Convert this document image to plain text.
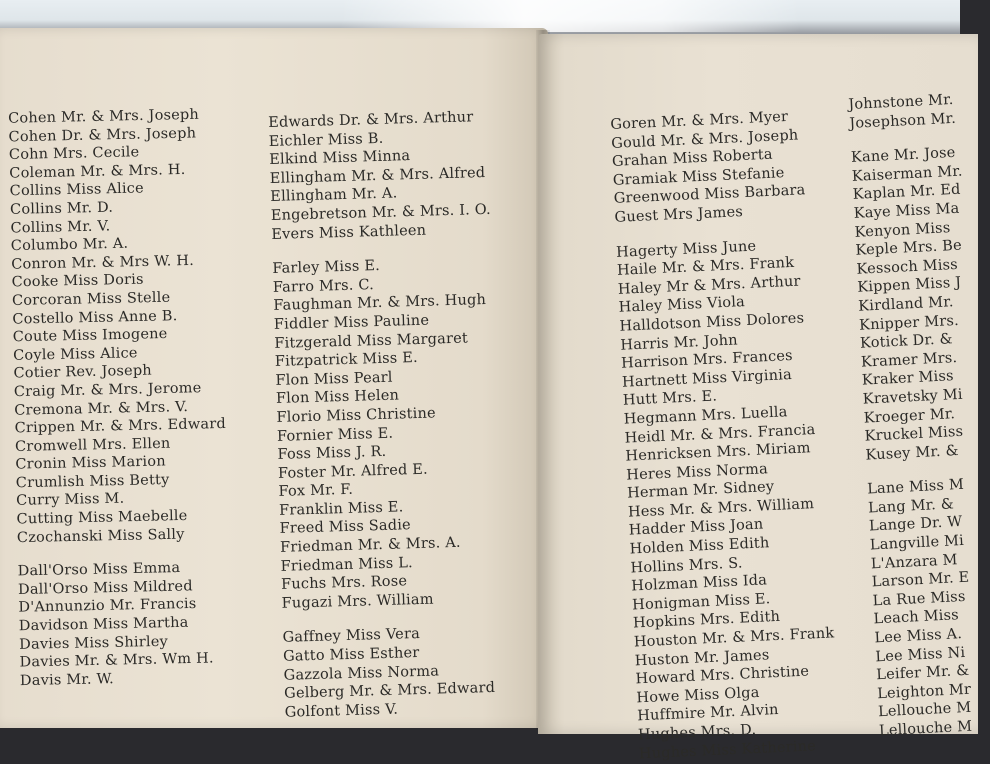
Cohen Mr. & Mrs. Joseph
Cohen Dr. & Mrs. Joseph
Cohn Mrs. Cecile
Coleman Mr. & Mrs. H.
Collins Miss Alice
Collins Mr. D.
Collins Mr. V.
Columbo Mr. A.
Conron Mr. & Mrs W. H.
Cooke Miss Doris
Corcoran Miss Stelle
Costello Miss Anne B.
Coute Miss Imogene
Coyle Miss Alice
Cotier Rev. Joseph
Craig Mr. & Mrs. Jerome
Cremona Mr. & Mrs. V.
Crippen Mr. & Mrs. Edward
Cromwell Mrs. Ellen
Cronin Miss Marion
Crumlish Miss Betty
Curry Miss M.
Cutting Miss Maebelle
Czochanski Miss Sally
Dall'Orso Miss Emma
Dall'Orso Miss Mildred
D'Annunzio Mr. Francis
Davidson Miss Martha
Davies Miss Shirley
Davies Mr. & Mrs. Wm H.
Davis Mr. W.
Edwards Dr. & Mrs. Arthur
Eichler Miss B.
Elkind Miss Minna
Ellingham Mr. & Mrs. Alfred
Ellingham Mr. A.
Engebretson Mr. & Mrs. I. O.
Evers Miss Kathleen
Farley Miss E.
Farro Mrs. C.
Faughman Mr. & Mrs. Hugh
Fiddler Miss Pauline
Fitzgerald Miss Margaret
Fitzpatrick Miss E.
Flon Miss Pearl
Flon Miss Helen
Florio Miss Christine
Fornier Miss E.
Foss Miss J. R.
Foster Mr. Alfred E.
Fox Mr. F.
Franklin Miss E.
Freed Miss Sadie
Friedman Mr. & Mrs. A.
Friedman Miss L.
Fuchs Mrs. Rose
Fugazi Mrs. William
Gaffney Miss Vera
Gatto Miss Esther
Gazzola Miss Norma
Gelberg Mr. & Mrs. Edward
Golfont Miss V.
Goren Mr. & Mrs. Myer
Gould Mr. & Mrs. Joseph
Grahan Miss Roberta
Gramiak Miss Stefanie
Greenwood Miss Barbara
Guest Mrs James
Hagerty Miss June
Haile Mr. & Mrs. Frank
Haley Mr & Mrs. Arthur
Haley Miss Viola
Halldotson Miss Dolores
Harris Mr. John
Harrison Mrs. Frances
Hartnett Miss Virginia
Hutt Mrs. E.
Hegmann Mrs. Luella
Heidl Mr. & Mrs. Francia
Henricksen Mrs. Miriam
Heres Miss Norma
Herman Mr. Sidney
Hess Mr. & Mrs. William
Hadder Miss Joan
Holden Miss Edith
Hollins Mrs. S.
Holzman Miss Ida
Honigman Miss E.
Hopkins Mrs. Edith
Houston Mr. & Mrs. Frank
Huston Mr. James
Howard Mrs. Christine
Howe Miss Olga
Huffmire Mr. Alvin
Hughes Mrs. D.
Hughes Miss Katherine
Johnstone Mr.
Josephson Mr.
Kane Mr. Jose
Kaiserman Mr.
Kaplan Mr. Ed
Kaye Miss Ma
Kenyon Miss
Keple Mrs. Be
Kessoch Miss
Kippen Miss J
Kirdland Mr.
Knipper Mrs.
Kotick Dr. &
Kramer Mrs.
Kraker Miss
Kravetsky Mi
Kroeger Mr.
Kruckel Miss
Kusey Mr. &
Lane Miss M
Lang Mr. &
Lange Dr. W
Langville Mi
L'Anzara M
Larson Mr. E
La Rue Miss
Leach Miss
Lee Miss A.
Lee Miss Ni
Leifer Mr. &
Leighton Mr
Lellouche M
Lellouche M
